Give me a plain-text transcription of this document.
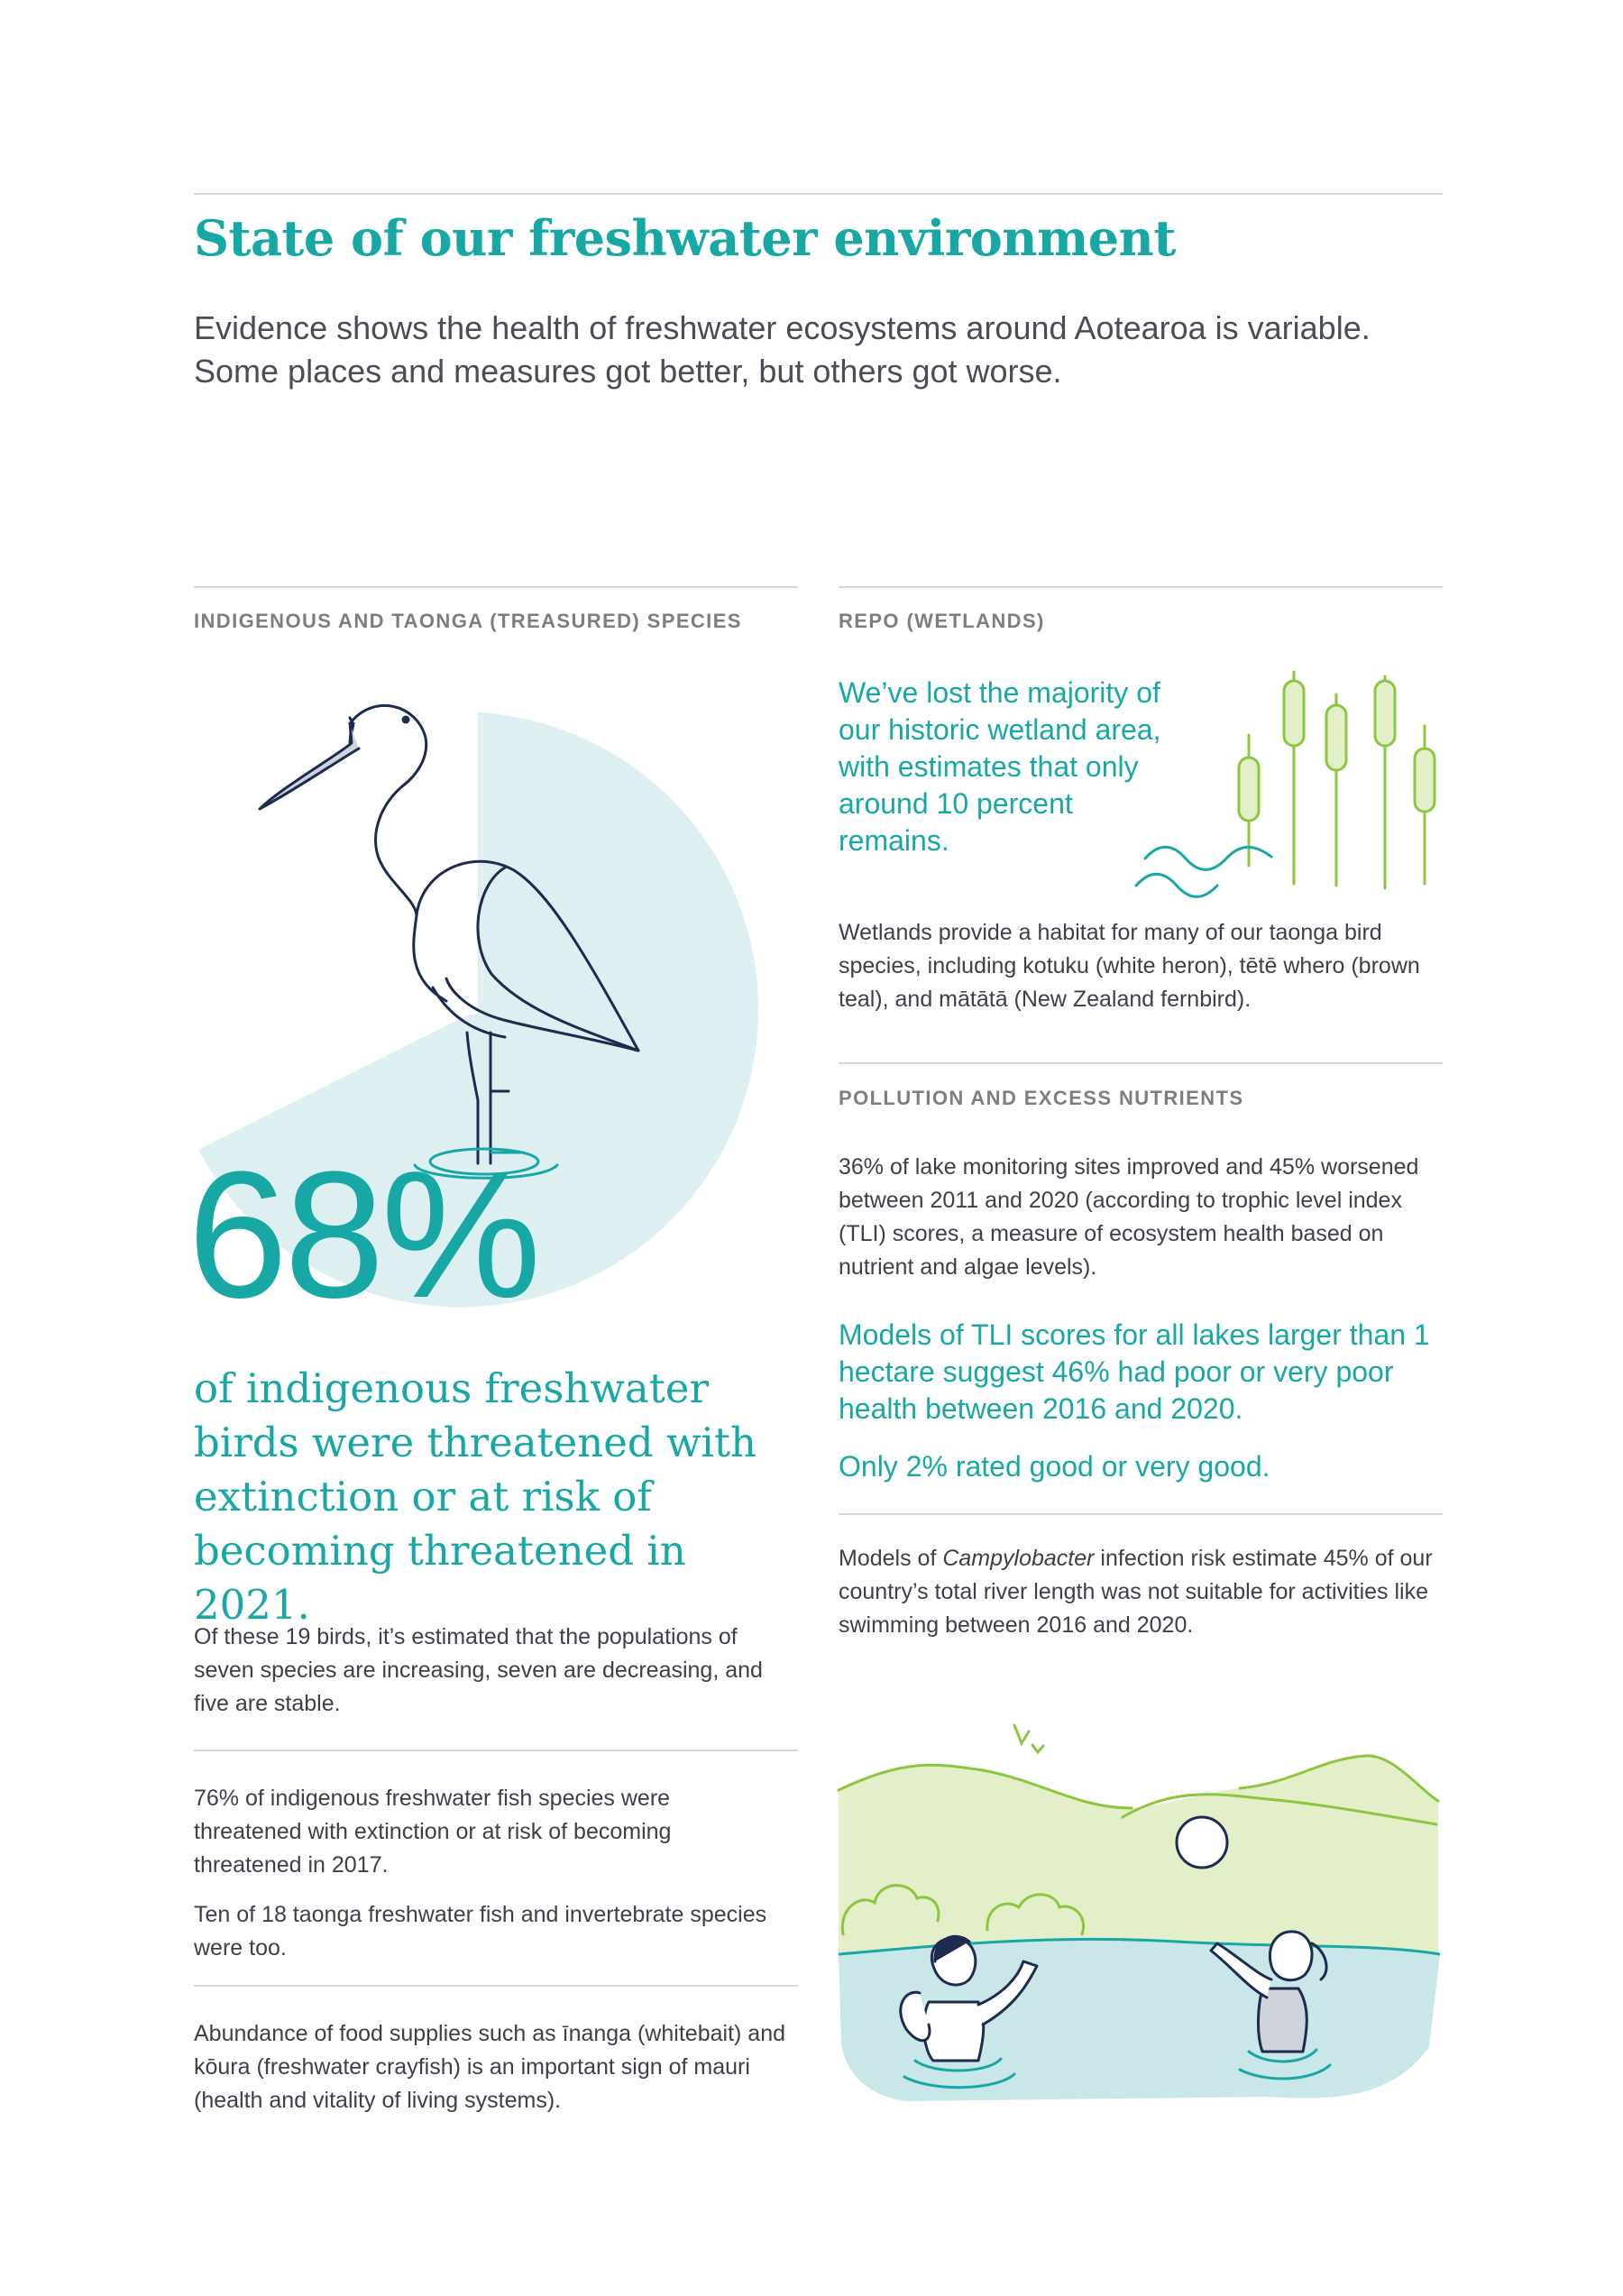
State of our freshwater environment
Evidence shows the health of freshwater ecosystems around Aotearoa is variable. Some places and measures got better, but others got worse.
INDIGENOUS AND TAONGA (TREASURED) SPECIES
68%
of indigenous freshwater birds were threatened with extinction or at risk of becoming threatened in 2021.
Of these 19 birds, it’s estimated that the populations of seven species are increasing, seven are decreasing, and five are stable.

76% of indigenous freshwater fish species were threatened with extinction or at risk of becoming threatened in 2017.

Ten of 18 taonga freshwater fish and invertebrate species were too.

Abundance of food supplies such as īnanga (whitebait) and kōura (freshwater crayfish) is an important sign of mauri (health and vitality of living systems).
REPO (WETLANDS)
We’ve lost the majority of our historic wetland area, with estimates that only around 10 percent remains.
Wetlands provide a habitat for many of our taonga bird species, including kotuku (white heron), tētē whero (brown teal), and mātātā (New Zealand fernbird).
POLLUTION AND EXCESS NUTRIENTS
36% of lake monitoring sites improved and 45% worsened between 2011 and 2020 (according to trophic level index (TLI) scores, a measure of ecosystem health based on nutrient and algae levels).
Models of TLI scores for all lakes larger than 1 hectare suggest 46% had poor or very poor health between 2016 and 2020.
Only 2% rated good or very good.
Models of Campylobacter infection risk estimate 45% of our country’s total river length was not suitable for activities like swimming between 2016 and 2020.
